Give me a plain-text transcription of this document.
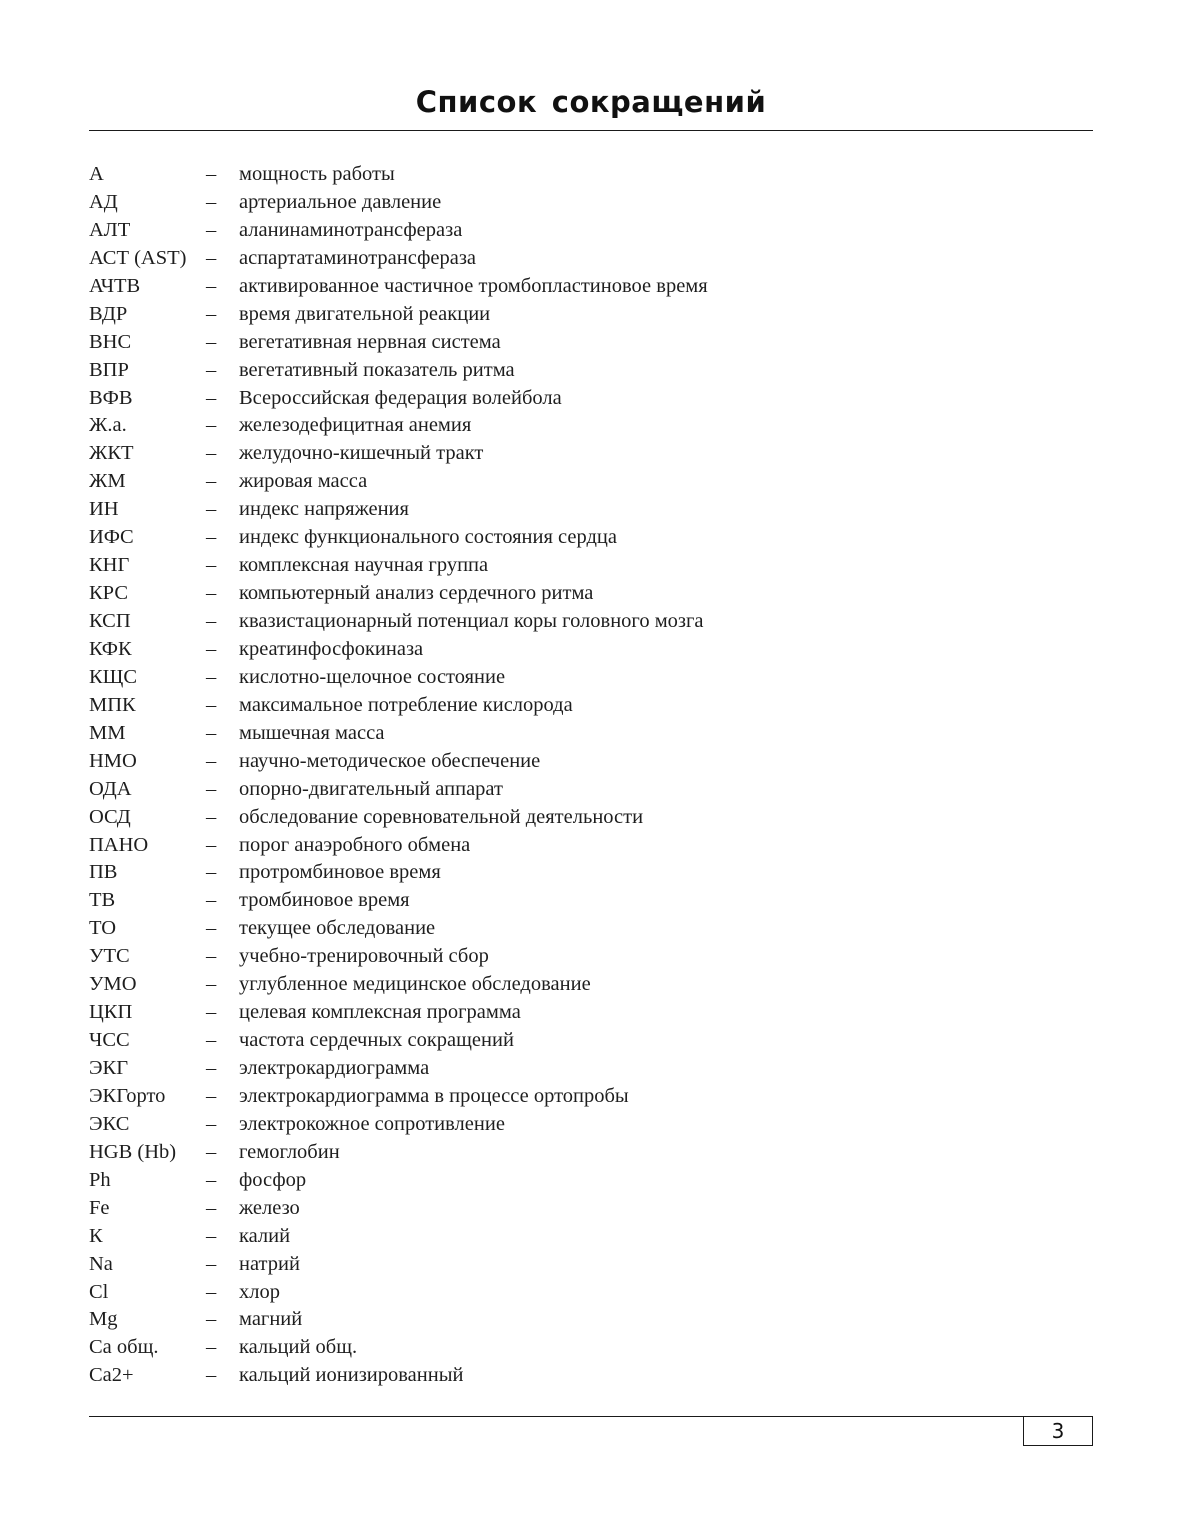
Список сокращений
А	– мощность работы
АД	– артериальное давление
АЛТ	– аланинаминотрансфераза
АСТ (AST) – аспартатаминотрансфераза
АЧТВ	– активированное частичное тромбопластиновое время
ВДР	– время двигательной реакции
ВНС	– вегетативная нервная система
ВПР	– вегетативный показатель ритма
ВФВ	– Всероссийская федерация волейбола
Ж.а.	– железодефицитная анемия
ЖКТ	– желудочно-кишечный тракт
ЖМ	– жировая масса
ИН	– индекс напряжения
ИФС	– индекс функционального состояния сердца
КНГ	– комплексная научная группа
КРС	– компьютерный анализ сердечного ритма
КСП	– квазистационарный потенциал коры головного мозга
КФК	– креатинфосфокиназа
КЩС	– кислотно-щелочное состояние
МПК	– максимальное потребление кислорода
ММ	– мышечная масса
НМО	– научно-методическое обеспечение
ОДА	– опорно-двигательный аппарат
ОСД	– обследование соревновательной деятельности
ПАНО	– порог анаэробного обмена
ПВ	– протромбиновое время
ТВ	– тромбиновое время
ТО	– текущее обследование
УТС	– учебно-тренировочный сбор
УМО	– углубленное медицинское обследование
ЦКП	– целевая комплексная программа
ЧСС	– частота сердечных сокращений
ЭКГ	– электрокардиограмма
ЭКГорто – электрокардиограмма в процессе ортопробы
ЭКС	– электрокожное сопротивление
HGB (Hb) – гемоглобин
Ph	– фосфор
Fe	– железо
К	– калий
Na	– натрий
Cl	– хлор
Mg	– магний
Ca общ. – кальций общ.
Ca2+	– кальций ионизированный
3
